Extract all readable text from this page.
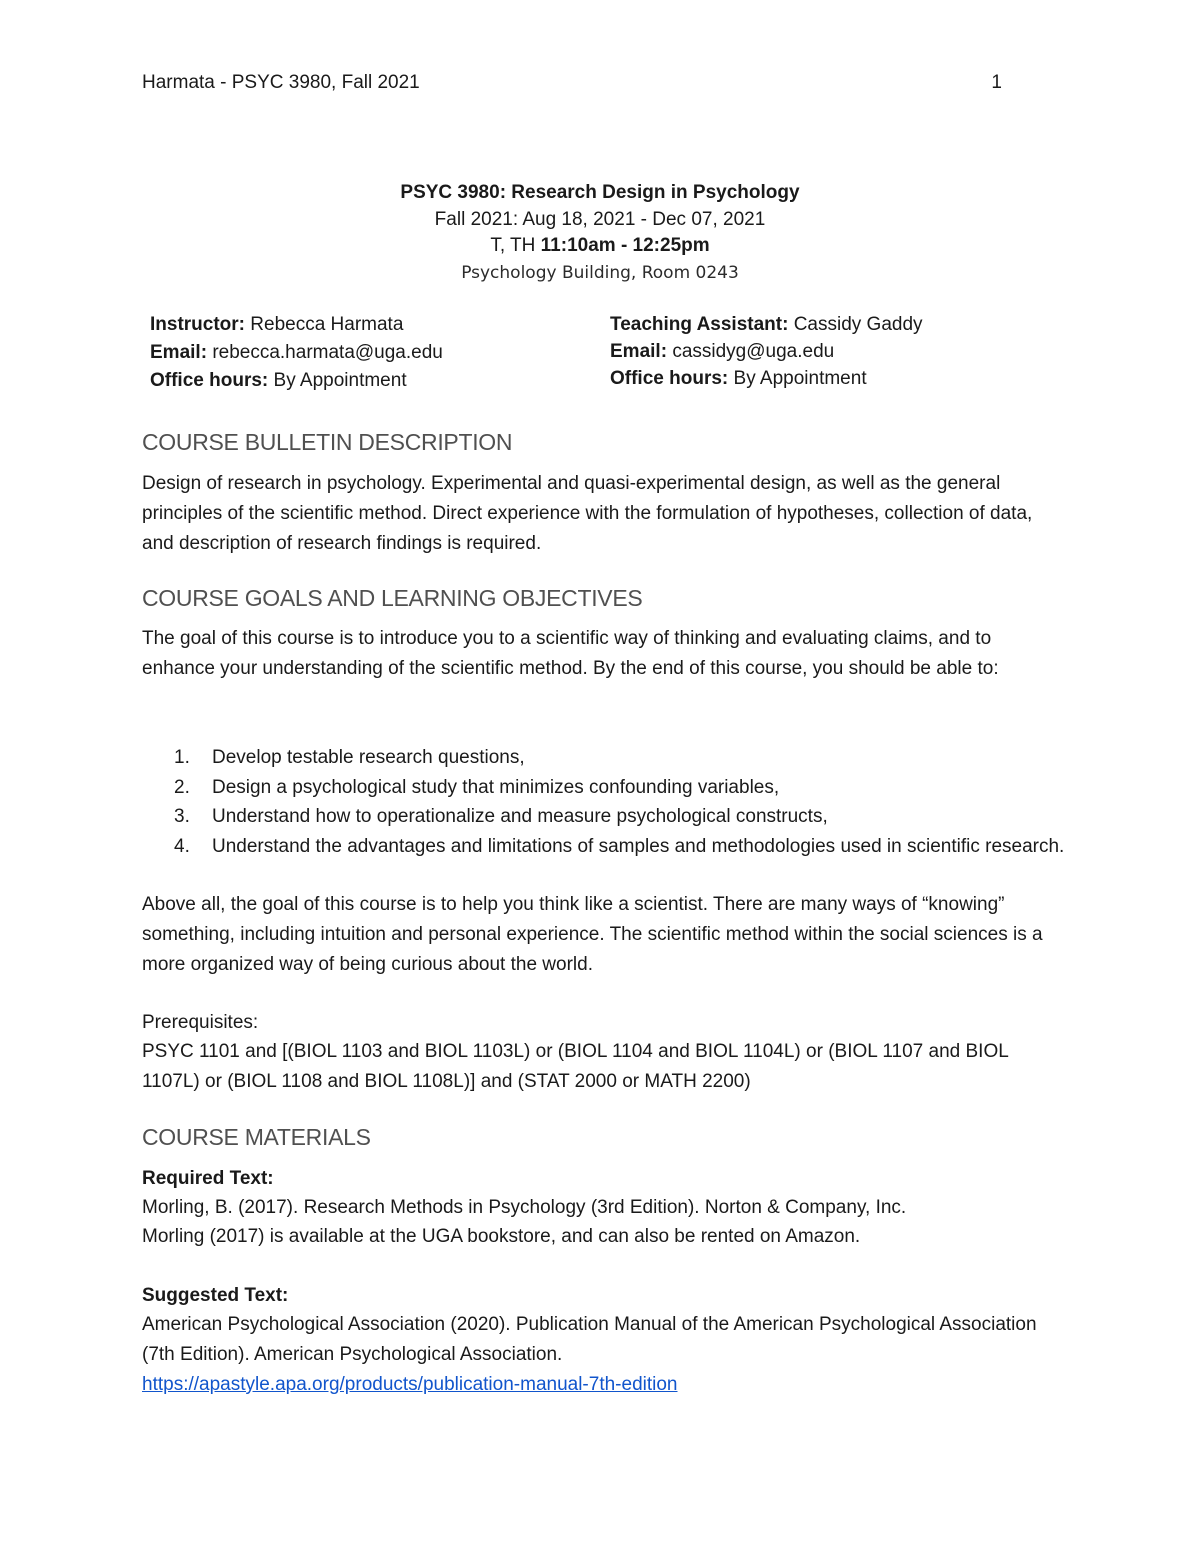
Harmata - PSYC 3980, Fall 2021	1
PSYC 3980: Research Design in Psychology
Fall 2021: Aug 18, 2021 - Dec 07, 2021
T, TH 11:10am - 12:25pm
Psychology Building, Room 0243
Instructor: Rebecca Harmata
Email: rebecca.harmata@uga.edu
Office hours: By Appointment
Teaching Assistant: Cassidy Gaddy
Email: cassidyg@uga.edu
Office hours: By Appointment
COURSE BULLETIN DESCRIPTION

Design of research in psychology. Experimental and quasi-experimental design, as well as the general principles of the scientific method. Direct experience with the formulation of hypotheses, collection of data, and description of research findings is required.

COURSE GOALS AND LEARNING OBJECTIVES

The goal of this course is to introduce you to a scientific way of thinking and evaluating claims, and to enhance your understanding of the scientific method. By the end of this course, you should be able to:

1. Develop testable research questions,
2. Design a psychological study that minimizes confounding variables,
3. Understand how to operationalize and measure psychological constructs,
4. Understand the advantages and limitations of samples and methodologies used in scientific research.

Above all, the goal of this course is to help you think like a scientist. There are many ways of “knowing” something, including intuition and personal experience. The scientific method within the social sciences is a more organized way of being curious about the world.

Prerequisites:

PSYC 1101 and [(BIOL 1103 and BIOL 1103L) or (BIOL 1104 and BIOL 1104L) or (BIOL 1107 and BIOL 1107L) or (BIOL 1108 and BIOL 1108L)] and (STAT 2000 or MATH 2200)

COURSE MATERIALS

Required Text:

Morling, B. (2017). Research Methods in Psychology (3rd Edition). Norton & Company, Inc.

Morling (2017) is available at the UGA bookstore, and can also be rented on Amazon.

Suggested Text:

American Psychological Association (2020). Publication Manual of the American Psychological Association (7th Edition). American Psychological Association.

https://apastyle.apa.org/products/publication-manual-7th-edition
